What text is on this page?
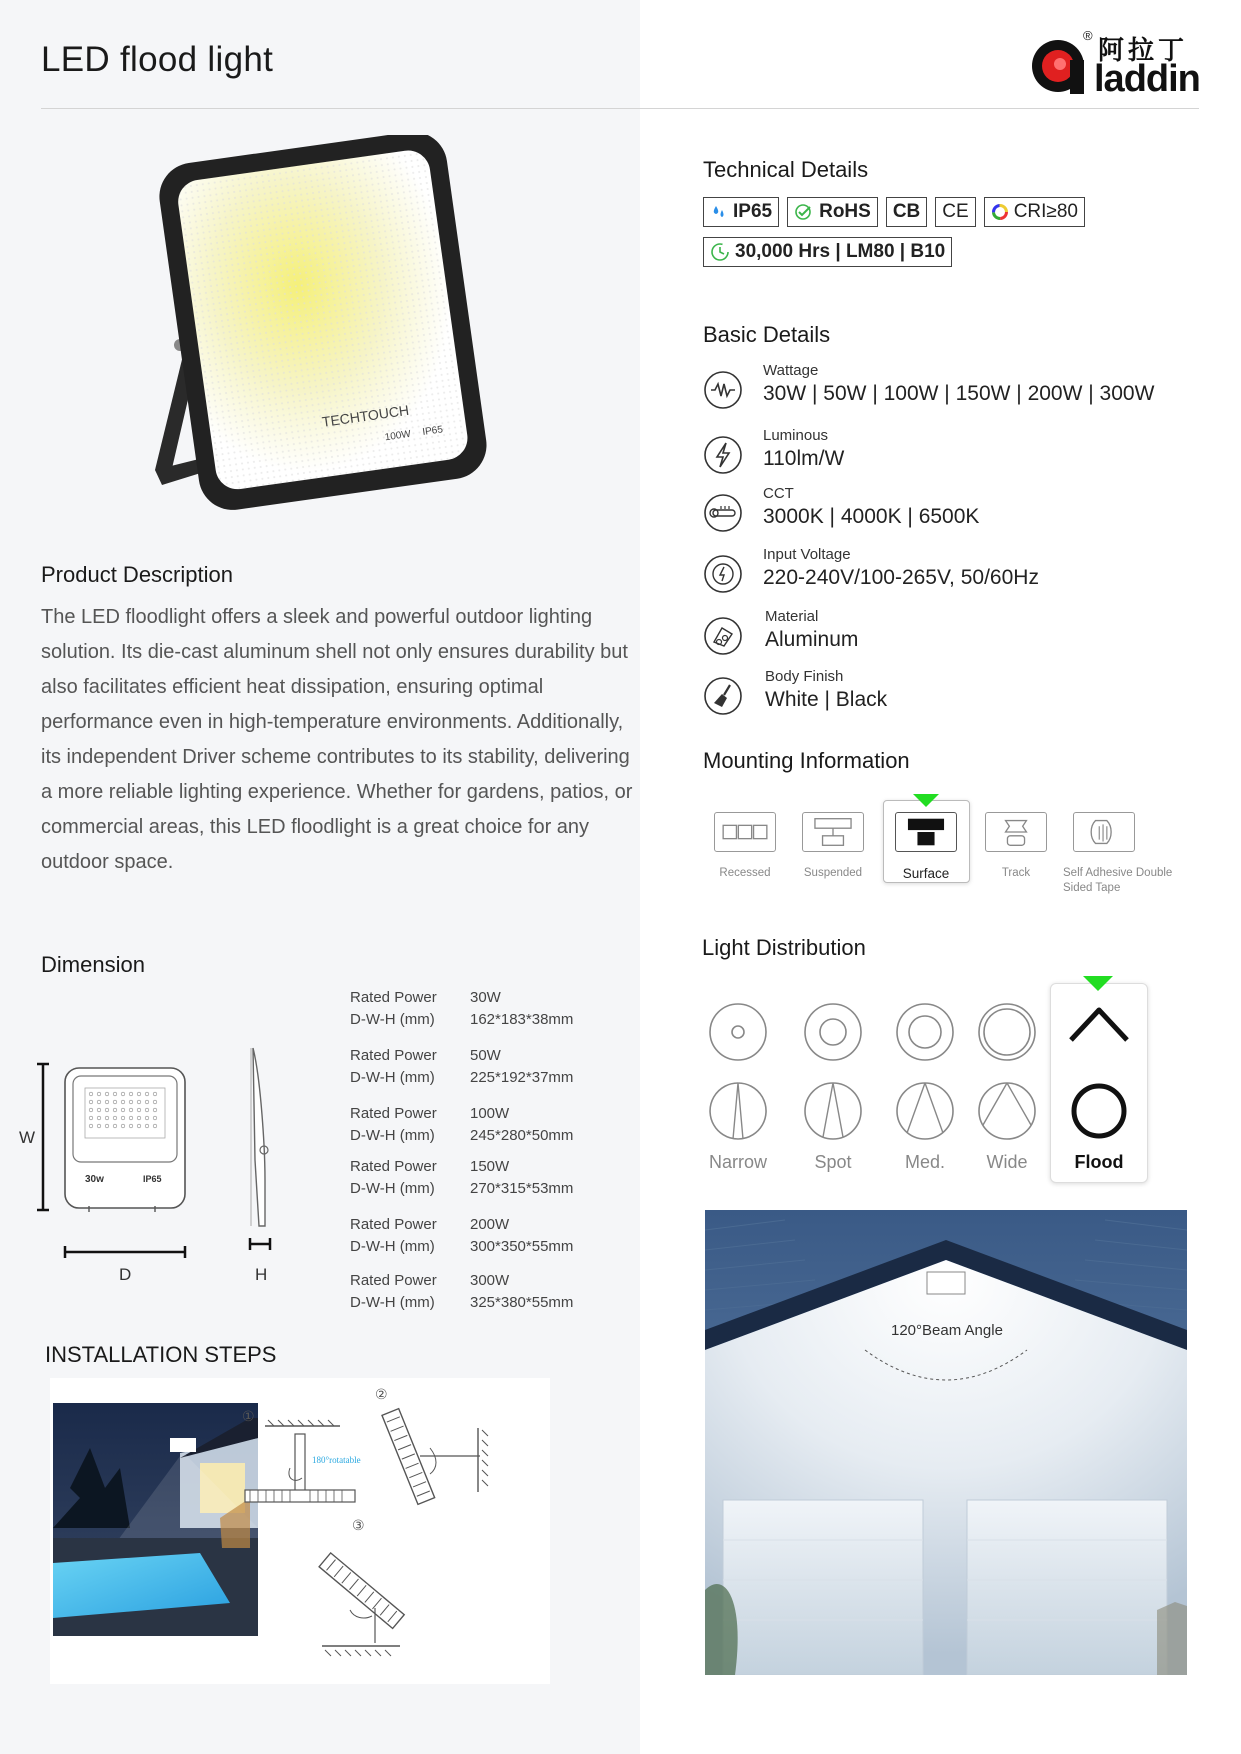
LED flood light	阿拉丁
®
laddin
TECHTOUCH
100W IP65
Product Description
The LED floodlight offers a sleek and powerful outdoor lighting solution. Its die-cast aluminum shell not only ensures durability but also facilitates efficient heat dissipation, ensuring optimal performance even in high-temperature environments. Additionally, its independent Driver scheme contributes to its stability, delivering a more reliable lighting experience. Whether for gardens, patios, or commercial areas, this LED floodlight is a great choice for any outdoor space.
Technical Details
IP65 RoHS CB CE CRI≥80
30,000 Hrs | LM80 | B10
Basic Details
Wattage
30W | 50W | 100W | 150W | 200W | 300W
Luminous
110lm/W
CCT
3000K | 4000K | 6500K
Input Voltage
220-240V/100-265V, 50/60Hz
Material
Aluminum
Body Finish
White | Black
Mounting Information
Recessed	Suspended	Surface	Track	Self Adhesive Double Sided Tape
Light Distribution

Narrow
	Spot
	Med.
	Wide
	Flood
Dimension
W
30w	IP65
D	H
Rated Power 30W
D-W-H (mm) 162*183*38mm
Rated Power 50W
D-W-H (mm) 225*192*37mm
Rated Power 100W
D-W-H (mm) 245*280*50mm
Rated Power 150W
D-W-H (mm) 270*315*53mm
Rated Power 200W
D-W-H (mm) 300*350*55mm
Rated Power 300W
D-W-H (mm) 325*380*55mm
INSTALLATION STEPS
①
180°rotatable
②
③
120°Beam Angle
